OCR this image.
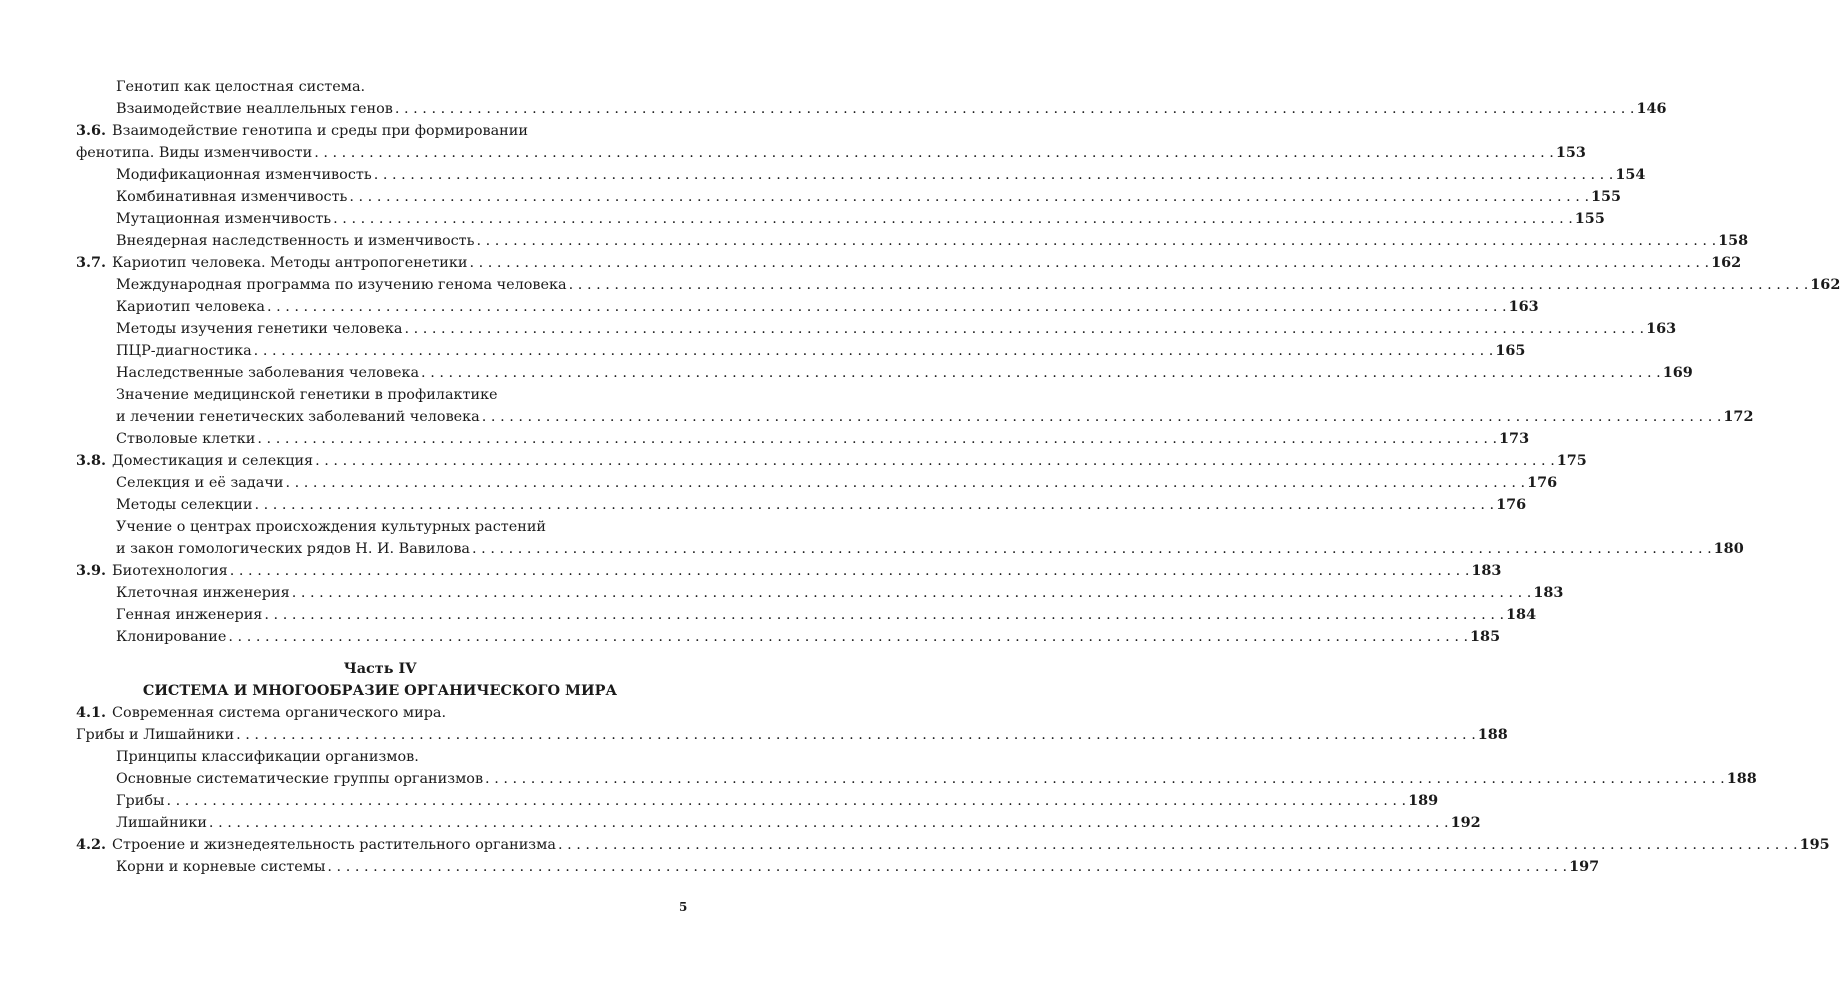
Генотип как целостная система.
Взаимодействие неаллельных генов . . .	146
3.6. Взаимодействие генотипа и среды при формировании
фенотипа. Виды изменчивости . . .	153
Модификационная изменчивость . . .	154
Комбинативная изменчивость . . .	155
Мутационная изменчивость . . .	155
Внеядерная наследственность и изменчивость . . .	158
3.7. Кариотип человека. Методы антропогенетики . . .	162
Международная программа по изучению генома человека . . .	162
Кариотип человека . . .	163
Методы изучения генетики человека . . .	163
ПЦР-диагностика . . .	165
Наследственные заболевания человека . . .	169
Значение медицинской генетики в профилактике
и лечении генетических заболеваний человека . . .	172
Стволовые клетки . . .	173
3.8. Доместикация и селекция . . .	175
Селекция и её задачи . . .	176
Методы селекции . . .	176
Учение о центрах происхождения культурных растений
и закон гомологических рядов Н. И. Вавилова . . .	180
3.9. Биотехнология . . .	183
Клеточная инженерия . . .	183
Генная инженерия . . .	184
Клонирование . . .	185
Часть IV
СИСТЕМА И МНОГООБРАЗИЕ ОРГАНИЧЕСКОГО МИРА
4.1. Современная система органического мира.
Грибы и Лишайники . . .	188
Принципы классификации организмов.
Основные систематические группы организмов . . .	188
Грибы . . .	189
Лишайники . . .	192
4.2. Строение и жизнедеятельность растительного организма . . .	195
Корни и корневые системы . . .	197
5
